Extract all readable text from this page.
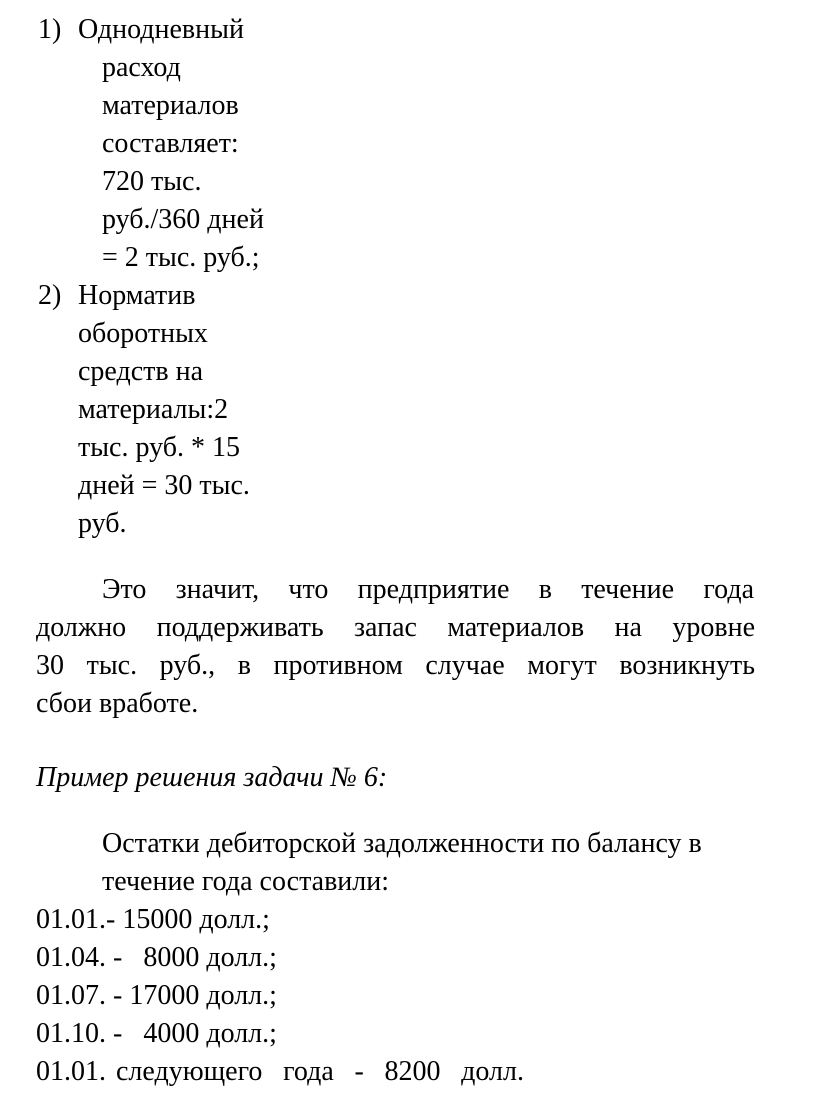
1) Однодневный
расход
материалов
составляет:
720 тыс.
руб./360 дней
= 2 тыс. руб.;
2) Норматив
оборотных
средств на
материалы:2
тыс. руб. * 15
дней = 30 тыс.
руб.
Это значит, что предприятие в течение года
должно поддерживать запас материалов на уровне
30 тыс. руб., в противном случае могут возникнуть
сбои вработе.
Пример решения задачи № 6:
Остатки дебиторской задолженности по балансу в
течение года составили:
01.01.- 15000 долл.;
01.04. -   8000 долл.;
01.07. - 17000 долл.;
01.10. -   4000 долл.;
01.01. следующего года - 8200 долл.
